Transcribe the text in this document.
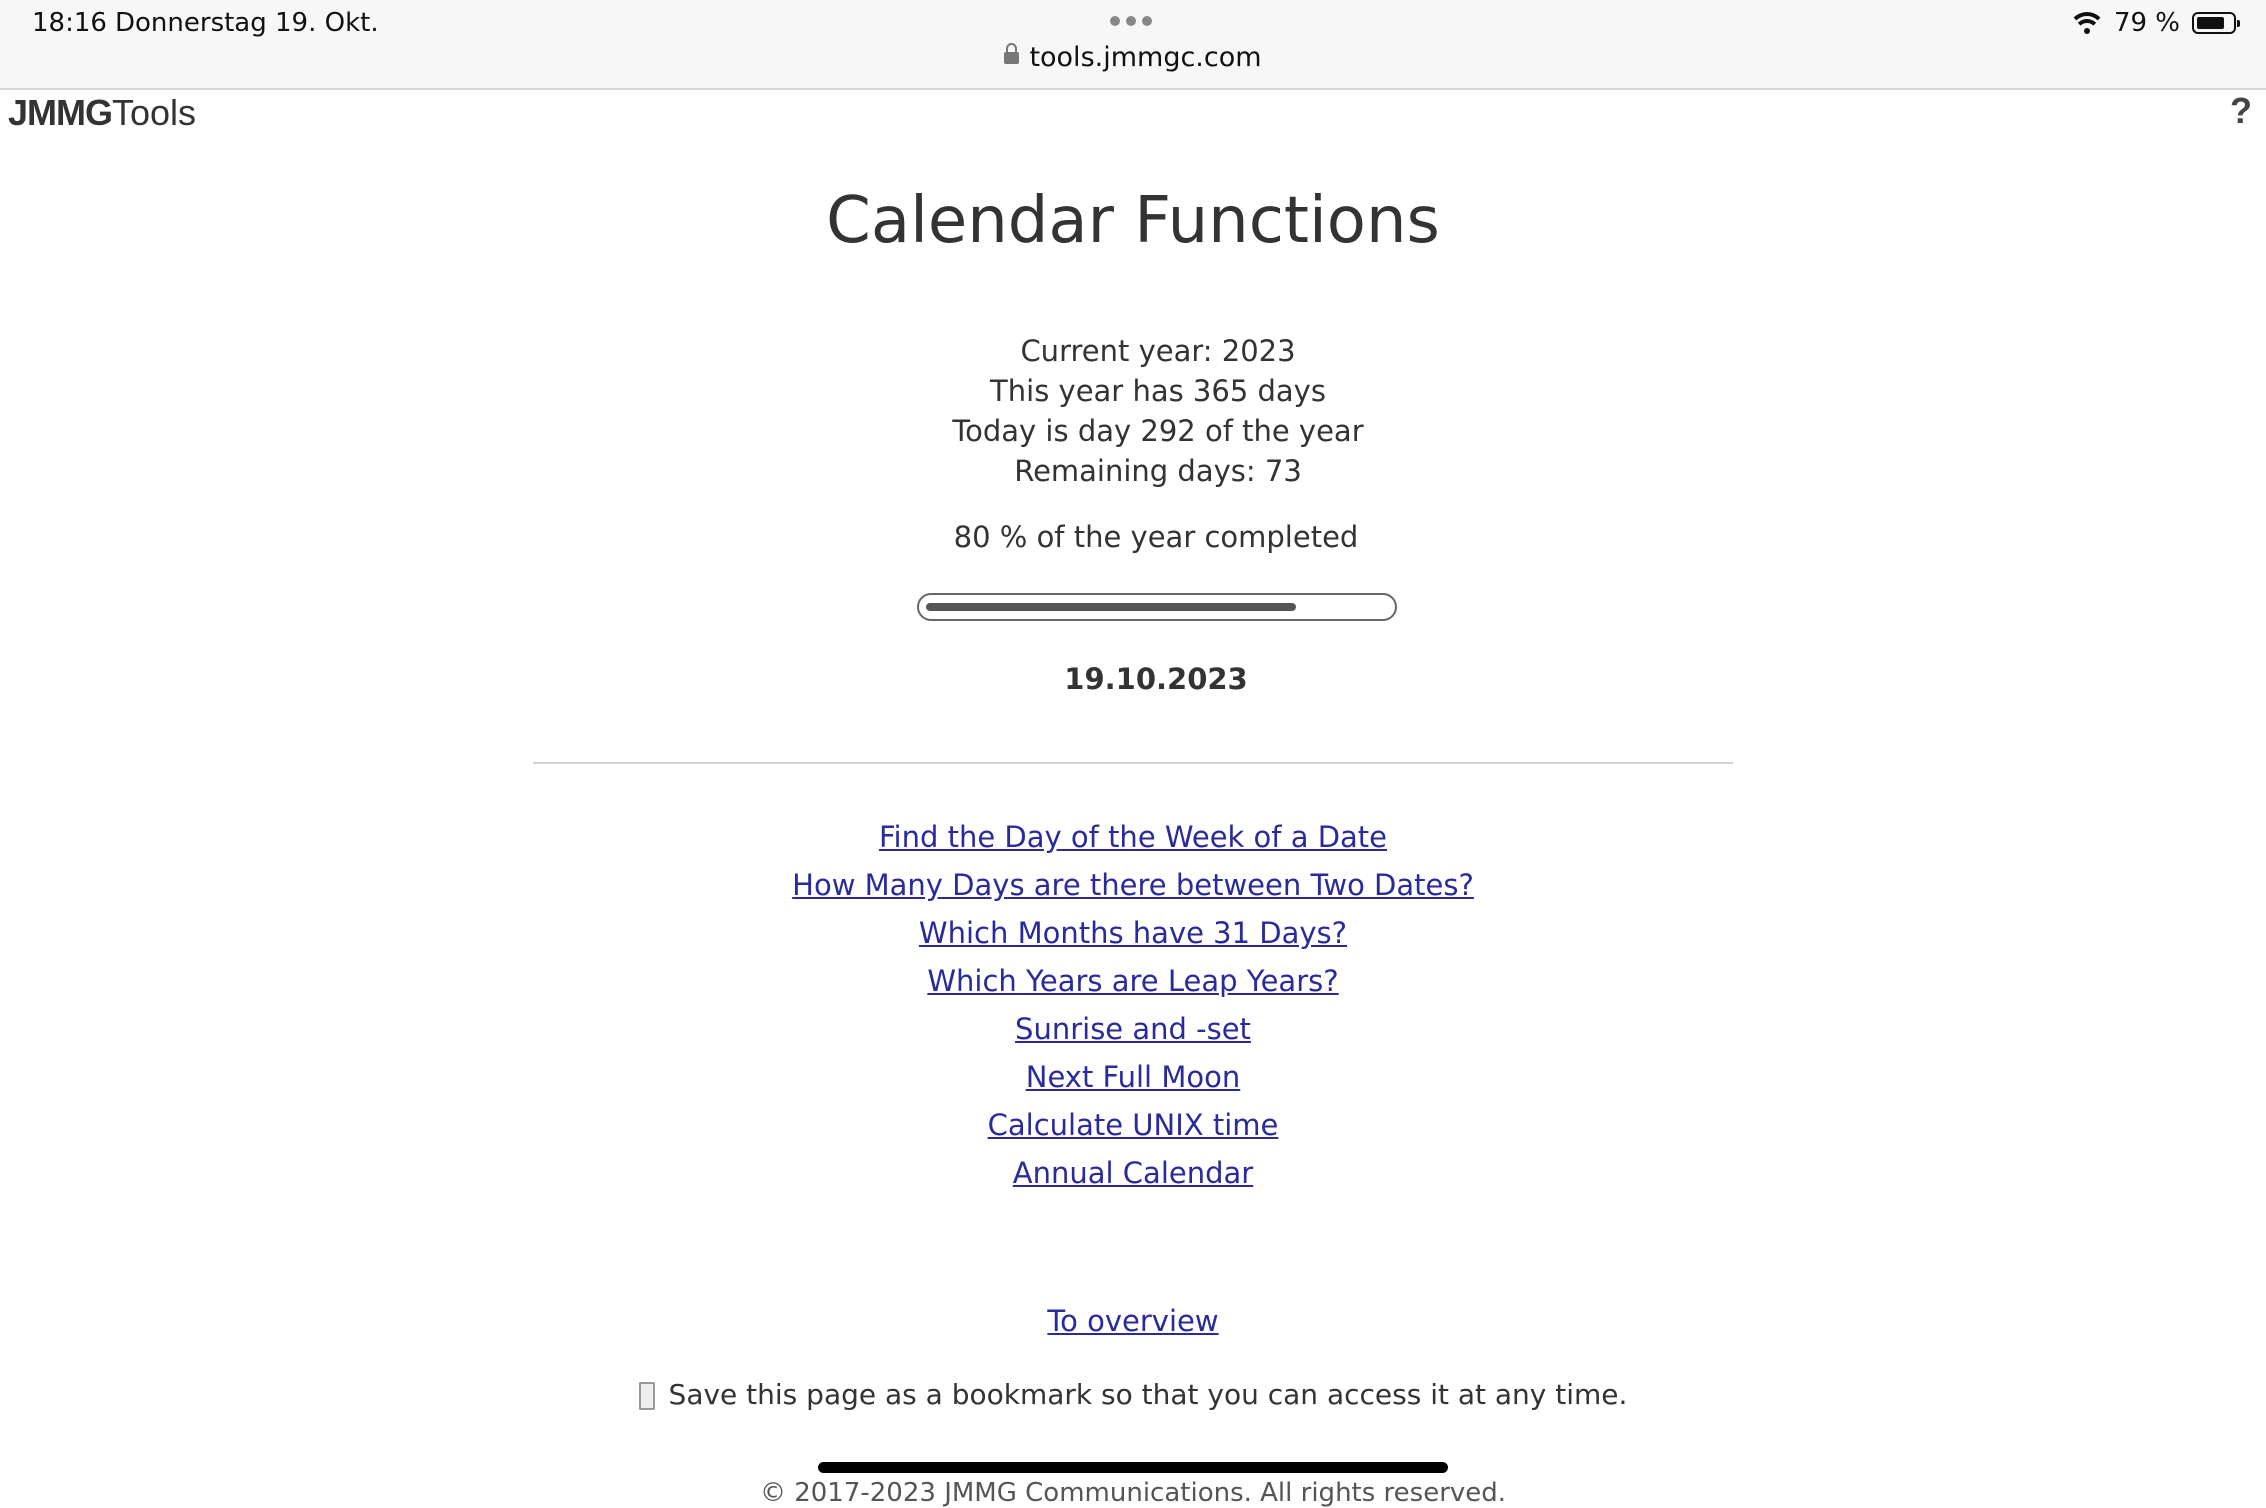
18:16 Donnerstag 19. Okt.
tools.jmmgc.com
79 %
JMMGTools	?
Calendar Functions
Current year: 2023
This year has 365 days
Today is day 292 of the year
Remaining days: 73
80 % of the year completed
19.10.2023
Find the Day of the Week of a Date
How Many Days are there between Two Dates?
Which Months have 31 Days?
Which Years are Leap Years?
Sunrise and -set
Next Full Moon
Calculate UNIX time
Annual Calendar
To overview
Save this page as a bookmark so that you can access it at any time.
© 2017-2023 JMMG Communications. All rights reserved.
